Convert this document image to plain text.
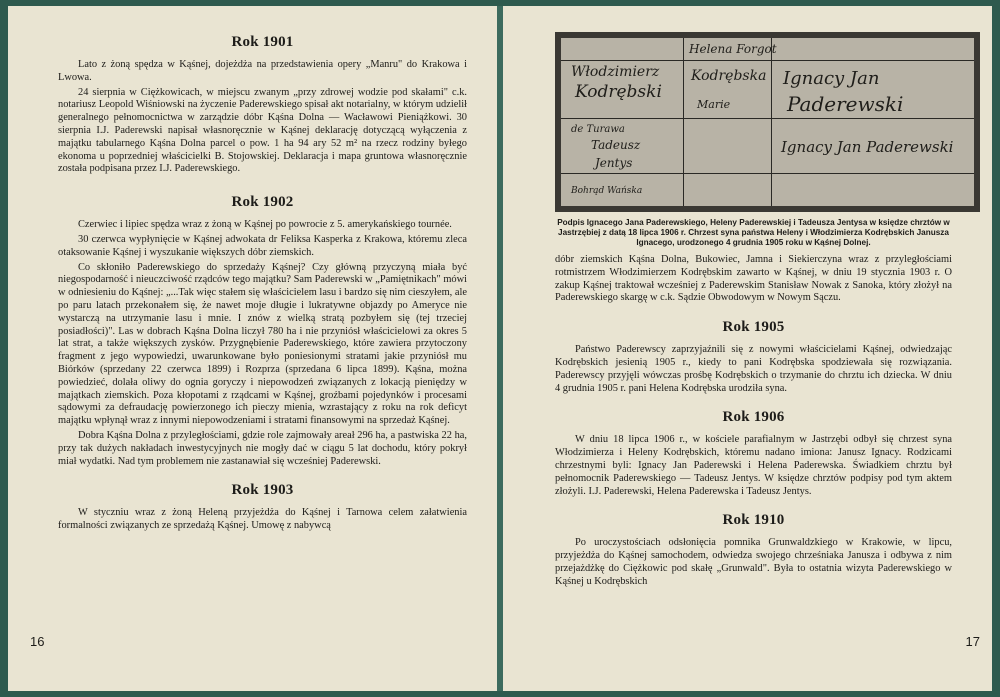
Rok 1901

Lato z żoną spędza w Kąśnej, dojeżdża na przedstawienia opery „Manru" do Krakowa i Lwowa.

24 sierpnia w Ciężkowicach, w miejscu zwanym „przy zdrowej wodzie pod skałami" c.k. notariusz Leopold Wiśniowski na życzenie Paderewskiego spisał akt notarialny, w którym udzielił generalnego pełnomocnictwa w zarządzie dóbr Kąśna Dolna — Wacławowi Pieniążkowi. 30 sierpnia I.J. Paderewski napisał własnoręcznie w Kąśnej deklarację dotyczącą wyłączenia z majątku tabularnego Kąśna Dolna parcel o pow. 1 ha 94 ary 52 m² na rzecz rodziny byłego ekonoma u poprzedniej właścicielki B. Stojowskiej. Deklaracja i mapa gruntowa własnoręcznie została podpisana przez I.J. Paderewskiego.

Rok 1902

Czerwiec i lipiec spędza wraz z żoną w Kąśnej po powrocie z 5. amerykańskiego tournée.

30 czerwca wypłynięcie w Kąśnej adwokata dr Feliksa Kasperka z Krakowa, któremu zleca otaksowanie Kąśnej i wyszukanie większych dóbr ziemskich.

Co skłoniło Paderewskiego do sprzedaży Kąśnej? Czy główną przyczyną miała być niegospodarność i nieuczciwość rządców tego majątku? Sam Paderewski w „Pamiętnikach" mówi w odniesieniu do Kąśnej: „...Tak więc stałem się właścicielem lasu i bardzo się nim cieszyłem, ale po paru latach przekonałem się, że nawet moje długie i lukratywne objazdy po Ameryce nie wystarczą na utrzymanie lasu i mnie. I znów z wielką stratą pozbyłem się (tej trzeciej posiadłości)". Las w dobrach Kąśna Dolna liczył 780 ha i nie przyniósł właścicielowi za okres 5 lat strat, a także większych zysków. Przygnębienie Paderewskiego, które zawiera przytoczony fragment z jego wypowiedzi, uwarunkowane było poniesionymi stratami jakie przyniósł mu Biórków (sprzedany 22 czerwca 1899) i Rozprza (sprzedana 6 lipca 1899). Kąśna, można powiedzieć, dolała oliwy do ognia goryczy i niepowodzeń związanych z lokacją pieniędzy w majątkach ziemskich. Poza kłopotami z rządcami w Kąśnej, groźbami pojedynków i procesami sądowymi za defraudację powierzonego ich pieczy mienia, wzrastający z roku na rok deficyt majątku wpłynął wraz z innymi niepowodzeniami i stratami finansowymi na sprzedaż Kąśnej.

Dobra Kąśna Dolna z przyległościami, gdzie role zajmowały areał 296 ha, a pastwiska 22 ha, przy tak dużych nakładach inwestycyjnych nie mogły dać w ciągu 5 lat dochodu, który pokrył miał wydatki. Nad tym problemem nie zastanawiał się wcześniej Paderewski.

Rok 1903

W styczniu wraz z żoną Heleną przyjeżdża do Kąśnej i Tarnowa celem załatwienia formalności związanych ze sprzedażą Kąśnej. Umowę z nabywcą

16
Włodzimierz
Kodrębski
de Turawa
Tadeusz
Jentys
Bohrąd Wańska
Helena Forgot
Kodrębska
Marie
Ignacy Jan
Paderewski
Ignacy Jan Paderewski
Podpis Ignacego Jana Paderewskiego, Heleny Paderewskiej i Tadeusza Jentysa w księdze chrztów w Jastrzębiej z datą 18 lipca 1906 r. Chrzest syna państwa Heleny i Włodzimierza Kodrębskich Janusza Ignacego, urodzonego 4 grudnia 1905 roku w Kąśnej Dolnej.

dóbr ziemskich Kąśna Dolna, Bukowiec, Jamna i Siekierczyna wraz z przyległościami rotmistrzem Włodzimierzem Kodrębskim zawarto w Kąśnej, w dniu 19 stycznia 1903 r. O zakup Kąśnej traktował wcześniej z Paderewskim Stanisław Nowak z Sanoka, który złożył na Paderewskiego skargę w c.k. Sądzie Obwodowym w Nowym Sączu.

Rok 1905

Państwo Paderewscy zaprzyjaźnili się z nowymi właścicielami Kąśnej, odwiedzając Kodrębskich jesienią 1905 r., kiedy to pani Kodrębska spodziewała się rozwiązania. Paderewscy przyjęli wówczas prośbę Kodrębskich o trzymanie do chrztu ich dziecka. W dniu 4 grudnia 1905 r. pani Helena Kodrębska urodziła syna.

Rok 1906

W dniu 18 lipca 1906 r., w kościele parafialnym w Jastrzębi odbył się chrzest syna Włodzimierza i Heleny Kodrębskich, któremu nadano imiona: Janusz Ignacy. Rodzicami chrzestnymi byli: Ignacy Jan Paderewski i Helena Paderewska. Świadkiem chrztu był pełnomocnik Paderewskiego — Tadeusz Jentys. W księdze chrztów podpisy pod tym aktem złożyli. I.J. Paderewski, Helena Paderewska i Tadeusz Jentys.

Rok 1910

Po uroczystościach odsłonięcia pomnika Grunwaldzkiego w Krakowie, w lipcu, przyjeżdża do Kąśnej samochodem, odwiedza swojego chrześniaka Janusza i odbywa z nim przejażdżkę do Ciężkowic pod skałę „Grunwald". Była to ostatnia wizyta Paderewskiego w Kąśnej u Kodrębskich

17
